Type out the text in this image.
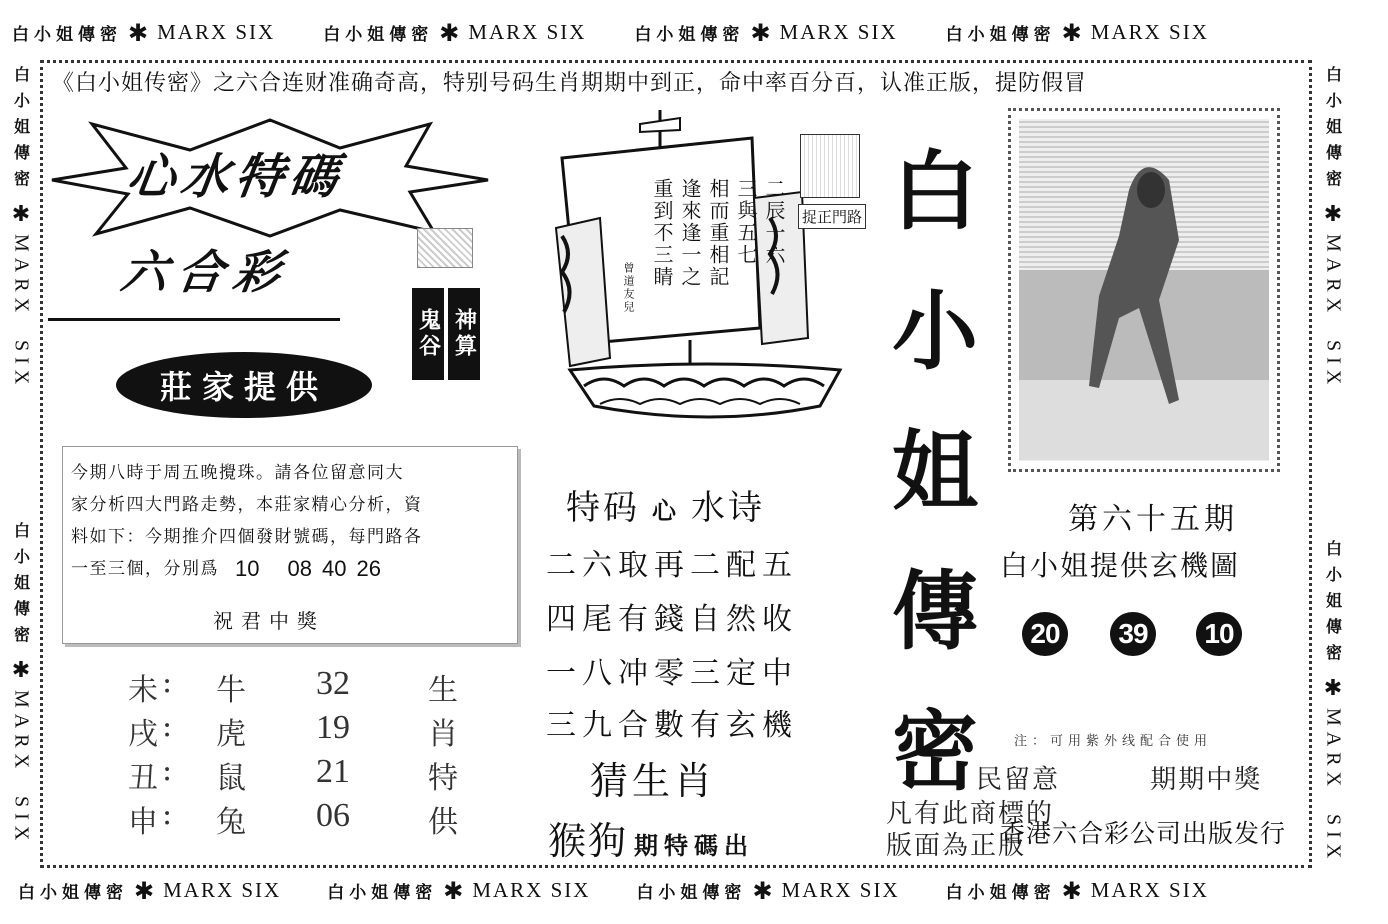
白小姐傳密 ✱ MARX SIX	白小姐傳密 ✱ MARX SIX	白小姐傳密 ✱ MARX SIX	白小姐傳密 ✱ MARX SIX
白小姐傳密 ✱ MARX SIX	白小姐傳密 ✱ MARX SIX	白小姐傳密 ✱ MARX SIX	白小姐傳密 ✱ MARX SIX
白小姐傳密
✱
MARX  SIX
白小姐傳密
✱
MARX  SIX
白小姐傳密
✱
MARX  SIX
白小姐傳密
✱
MARX  SIX
《白小姐传密》之六合连财准确奇高，特别号码生肖期期中到正，命中率百分百，认准正版，提防假冒
心水特碼
六合彩
鬼谷 神算
莊家提供
今期八時于周五晚攪珠。請各位留意同大
家分析四大門路走勢，本莊家精心分析，資
料如下：今期推介四個發財號碼，每門路各
一至三個，分別爲 10 08 40 26
祝君中獎
未 : 牛 32	生
戌 : 虎 19	肖
丑 : 鼠 21	特
申 : 兔 06	供
二辰一六
三與五七
相而重相記
逢來逢一之
重到不三睛
曾道友兒
捉正門路
特码 心 水诗
二六取再二配五
四尾有錢自然收
一八冲零三定中
三九合數有玄機
猜生肖
猴狗 期特碼出
白
小
姐
傳
密
第六十五期
白小姐提供玄機圖
20	39	10
注：可用紫外线配合使用
民留意	期期中獎
凡有此商標的
版面為正版
香港六合彩公司出版发行
